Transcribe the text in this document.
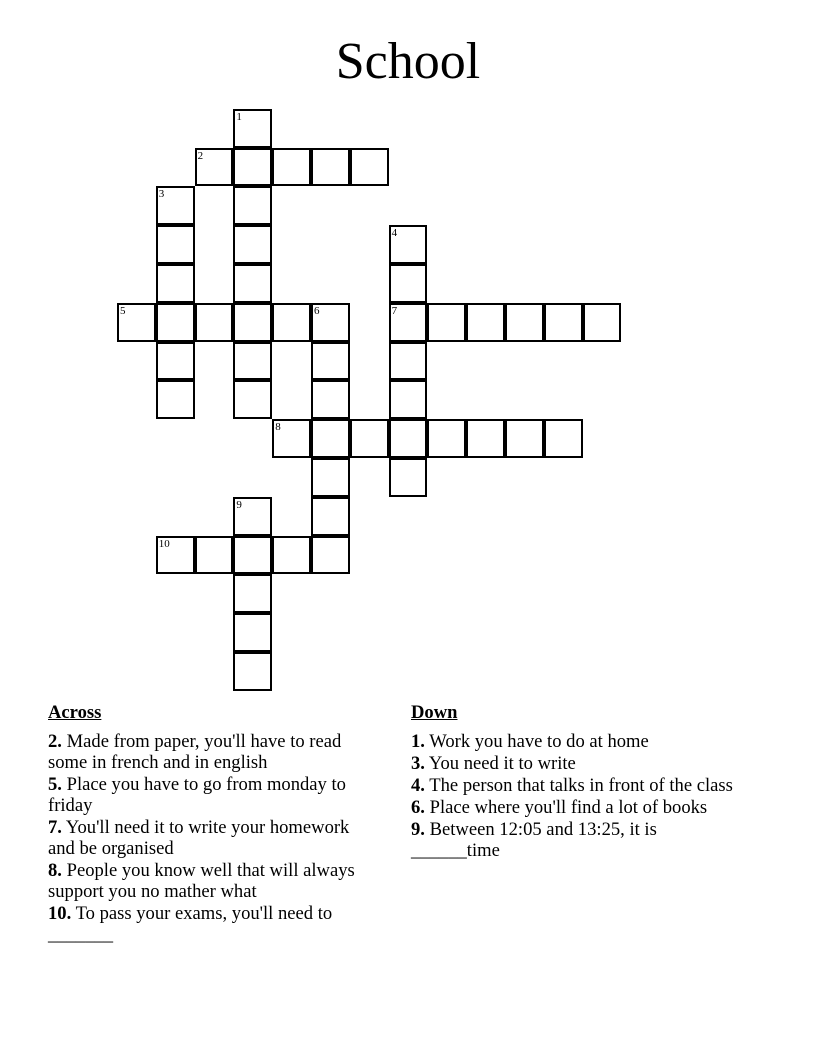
School
1
2
3
4
5	6	7
8
9
10
Across
2. Made from paper, you'll have to read some in french and in english
5. Place you have to go from monday to friday
7. You'll need it to write your homework and be organised
8. People you know well that will always support you no mather what
10. To pass your exams, you'll need to _______
Down
1. Work you have to do at home
3. You need it to write
4. The person that talks in front of the class
6. Place where you'll find a lot of books
9. Between 12:05 and 13:25, it is ______time
